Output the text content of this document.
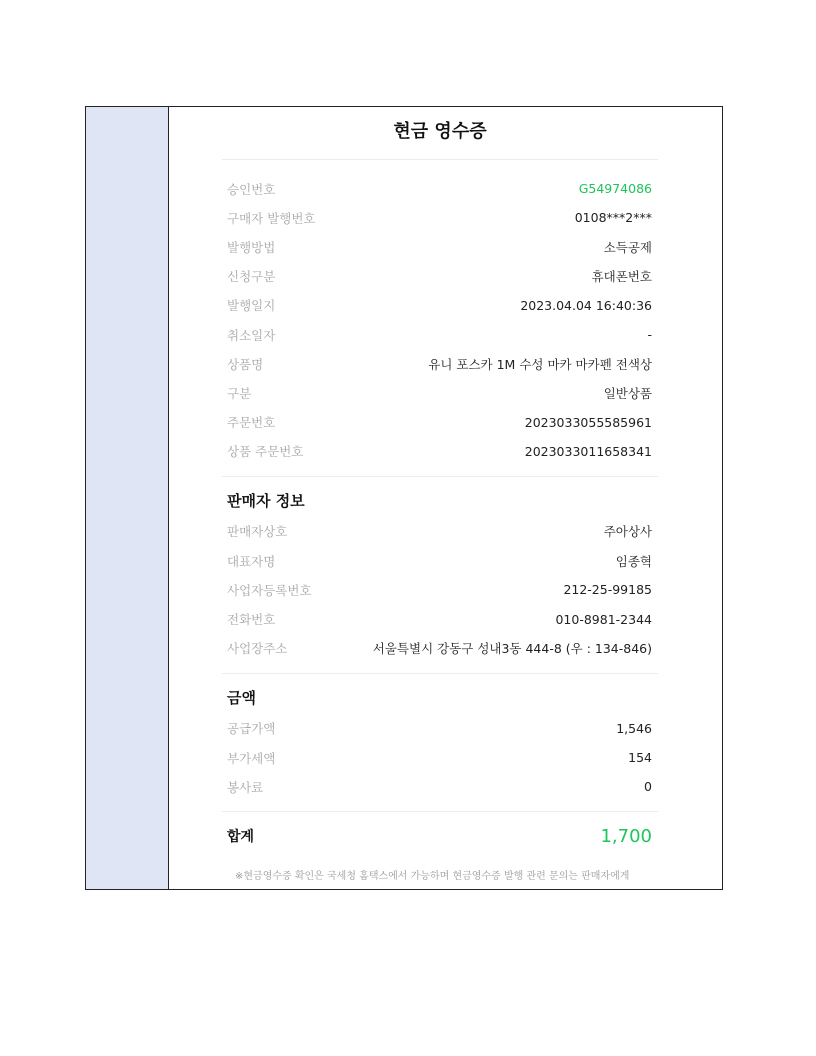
현금 영수증
승인번호	G54974086
구매자 발행번호	0108***2***
발행방법	소득공제
신청구분	휴대폰번호
발행일지	2023.04.04 16:40:36
취소일자	-
상품명	유니 포스카 1M 수성 마카 마카펜 전색상
구분	일반상품
주문번호	2023033055585961
상품 주문번호	2023033011658341
판매자 정보
판매자상호	주아상사
대표자명	임종혁
사업자등록번호	212-25-99185
전화번호	010-8981-2344
사업장주소	서울특별시 강동구 성내3동 444-8 (우 : 134-846)
금액
공급가액	1,546
부가세액	154
봉사료	0
합계	1,700
※현금영수증 확인은 국세청 홈택스에서 가능하며 현금영수증 발행 관련 문의는 판매자에게
